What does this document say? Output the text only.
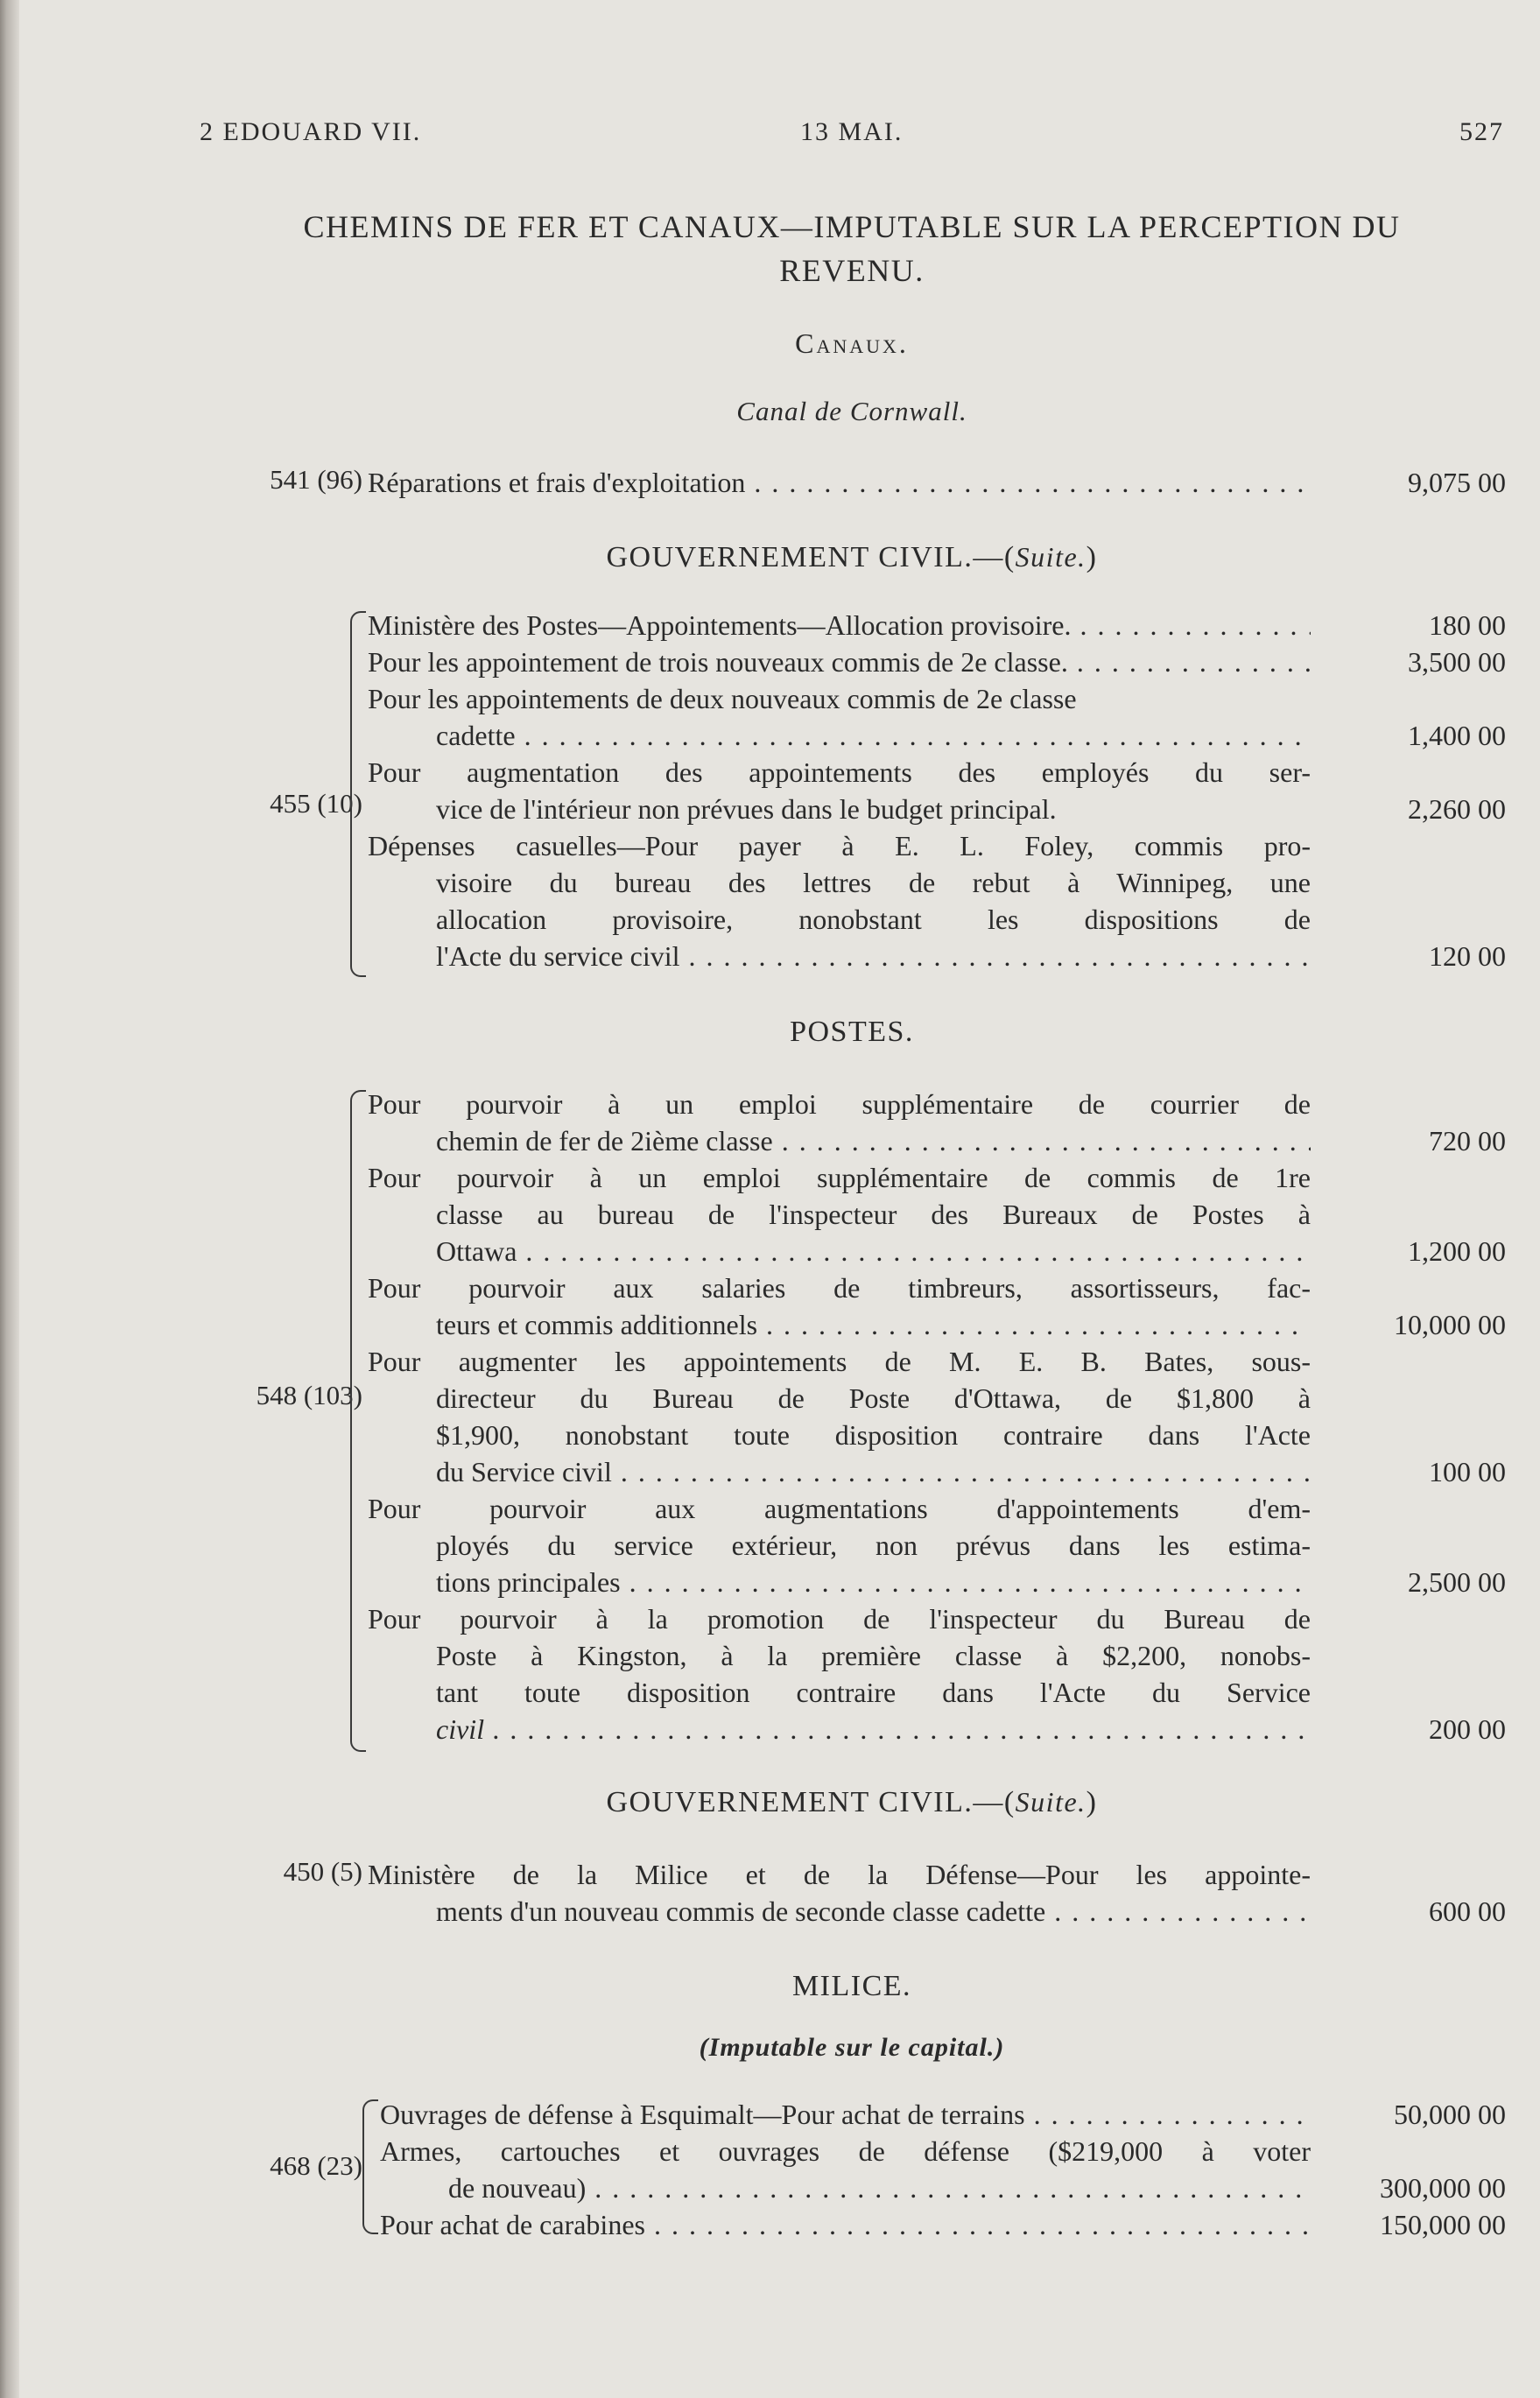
2 EDOUARD VII.	13 MAI.	527
CHEMINS DE FER ET CANAUX—IMPUTABLE SUR LA PERCEPTION DU
REVENU.
Canaux.
Canal de Cornwall.
541 (96) Réparations et frais d'exploitation . . .	9,075 00
GOUVERNEMENT CIVIL.—(Suite.)
455 (10)
Ministère des Postes—Appointements—Allocation provisoire. . . .	180 00
Pour les appointement de trois nouveaux commis de 2e classe. . . .	3,500 00
Pour les appointements de deux nouveaux commis de 2e classe
cadette . . .	1,400 00
Pour augmentation des appointements des employés du ser-
vice de l'intérieur non prévues dans le budget principal.	2,260 00
Dépenses casuelles—Pour payer à E. L. Foley, commis pro-
visoire du bureau des lettres de rebut à Winnipeg, une
allocation provisoire, nonobstant les dispositions de
l'Acte du service civil . . .	120 00
POSTES.
548 (103)
Pour pourvoir à un emploi supplémentaire de courrier de
chemin de fer de 2ième classe . . .	720 00
Pour pourvoir à un emploi supplémentaire de commis de 1re
classe au bureau de l'inspecteur des Bureaux de Postes à
Ottawa . . .	1,200 00
Pour pourvoir aux salaries de timbreurs, assortisseurs, fac-
teurs et commis additionnels . . .	10,000 00
Pour augmenter les appointements de M. E. B. Bates, sous-
directeur du Bureau de Poste d'Ottawa, de $1,800 à
$1,900, nonobstant toute disposition contraire dans l'Acte
du Service civil . . .	100 00
Pour pourvoir aux augmentations d'appointements d'em-
ployés du service extérieur, non prévus dans les estima-
tions principales . . .	2,500 00
Pour pourvoir à la promotion de l'inspecteur du Bureau de
Poste à Kingston, à la première classe à $2,200, nonobs-
tant toute disposition contraire dans l'Acte du Service
civil . . .	200 00
GOUVERNEMENT CIVIL.—(Suite.)
450 (5) Ministère de la Milice et de la Défense—Pour les appointe-
ments d'un nouveau commis de seconde classe cadette . . .	600 00
MILICE.
(Imputable sur le capital.)
468 (23)
Ouvrages de défense à Esquimalt—Pour achat de terrains . . .	50,000 00
Armes, cartouches et ouvrages de défense ($219,000 à voter
de nouveau) . . .	300,000 00
Pour achat de carabines . . .	150,000 00
